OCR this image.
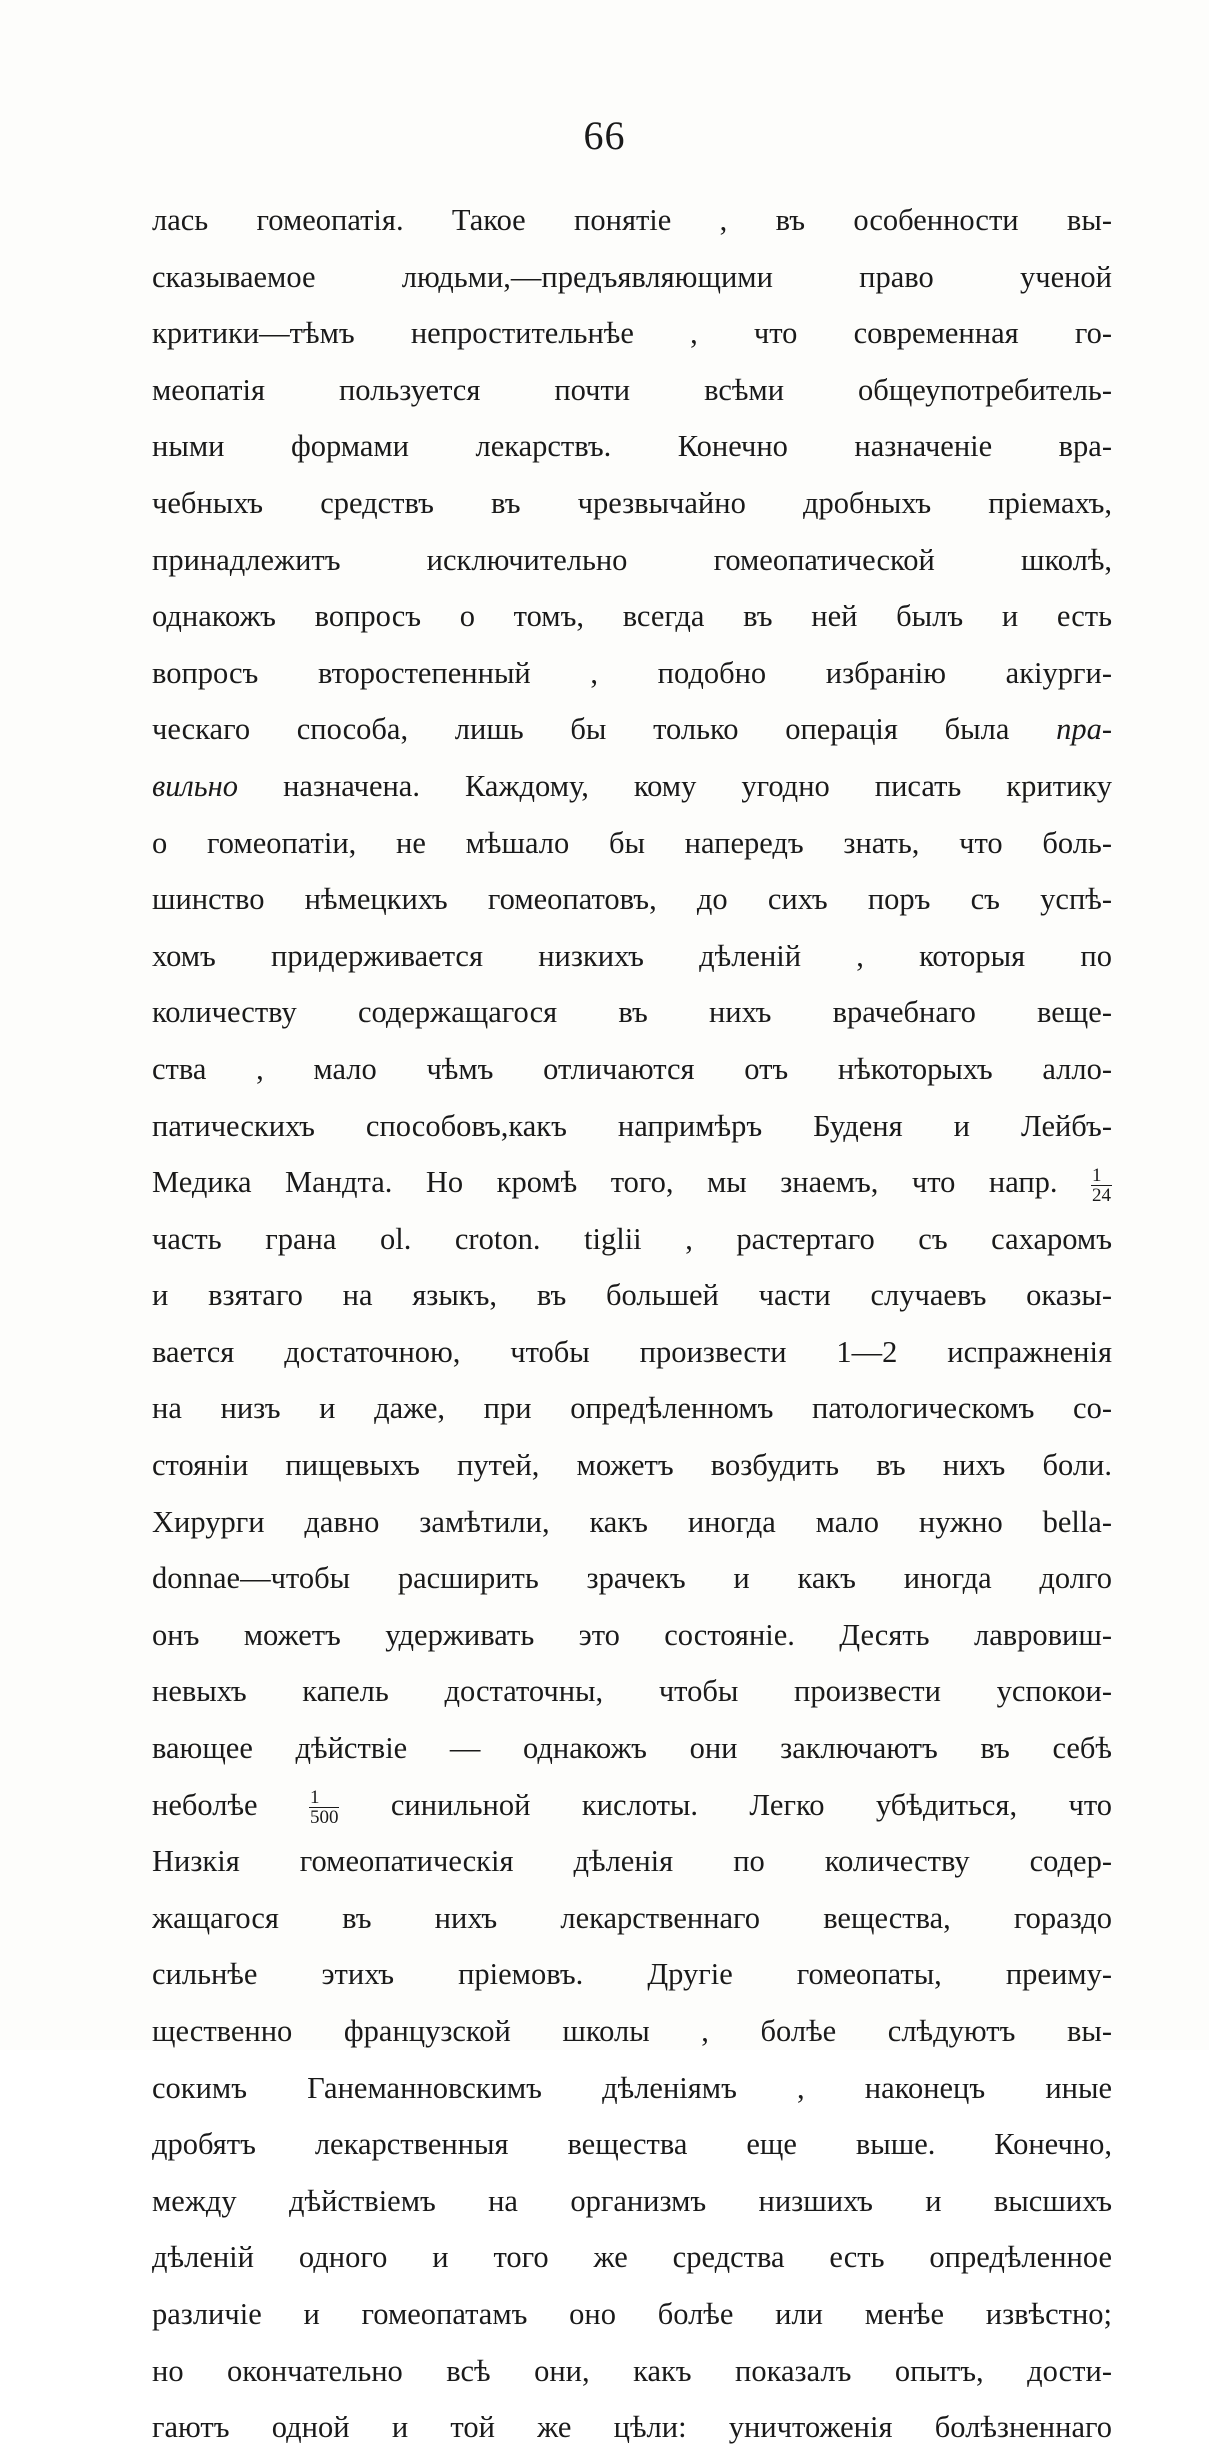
66
лась гомеопатія. Такое понятіе , въ особенности вы-
сказываемое людьми,—предъявляющими право ученой
критики—тѣмъ непростительнѣе , что современная го-
меопатія пользуется почти всѣми общеупотребитель-
ными формами лекарствъ. Конечно назначеніе вра-
чебныхъ средствъ въ чрезвычайно дробныхъ пріемахъ,
принадлежитъ исключительно гомеопатической школѣ,
однакожъ вопросъ о томъ, всегда въ ней былъ и есть
вопросъ второстепенный , подобно избранію акіурги-
ческаго способа, лишь бы только операція была пра-
вильно назначена. Каждому, кому угодно писать критику
о гомеопатіи, не мѣшало бы напередъ знать, что боль-
шинство нѣмецкихъ гомеопатовъ, до сихъ поръ съ успѣ-
хомъ придерживается низкихъ дѣленій , которыя по
количеству содержащагося въ нихъ врачебнаго веще-
ства , мало чѣмъ отличаются отъ нѣкоторыхъ алло-
патическихъ способовъ,какъ напримѣръ Буденя и Лейбъ-
Медика Мандта. Но кромѣ того, мы знаемъ, что напр. $\frac{1}{24}$
часть грана ol. croton. tiglii , растертаго съ сахаромъ
и взятаго на языкъ, въ большей части случаевъ оказы-
вается достаточною, чтобы произвести 1—2 испражненія
на низъ и даже, при опредѣленномъ патологическомъ со-
стояніи пищевыхъ путей, можетъ возбудить въ нихъ боли.
Хирурги давно замѣтили, какъ иногда мало нужно bella-
donnae—чтобы расширить зрачекъ и какъ иногда долго
онъ можетъ удерживать это состояніе. Десять лавровиш-
невыхъ капель достаточны, чтобы произвести успокои-
вающее дѣйствіе — однакожъ они заключаютъ въ себѣ
неболѣе	$\frac{1}{500}$ синильной кислоты. Легко убѣдиться, что
Низкія гомеопатическія дѣленія по количеству содер-
жащагося въ нихъ лекарственнаго вещества, гораздо
сильнѣе этихъ пріемовъ. Другіе гомеопаты, преиму-
щественно французской школы , болѣе слѣдуютъ вы-
сокимъ Ганеманновскимъ дѣленіямъ , наконецъ иные
дробятъ лекарственныя вещества еще выше. Конечно,
между дѣйствіемъ на организмъ низшихъ и высшихъ
дѣленій одного и того же средства есть опредѣленное
различіе и гомеопатамъ оно болѣе или менѣе извѣстно;
но окончательно всѣ они, какъ показалъ опытъ, дости-
гаютъ одной и той же цѣли: уничтоженія болѣзненнаго
